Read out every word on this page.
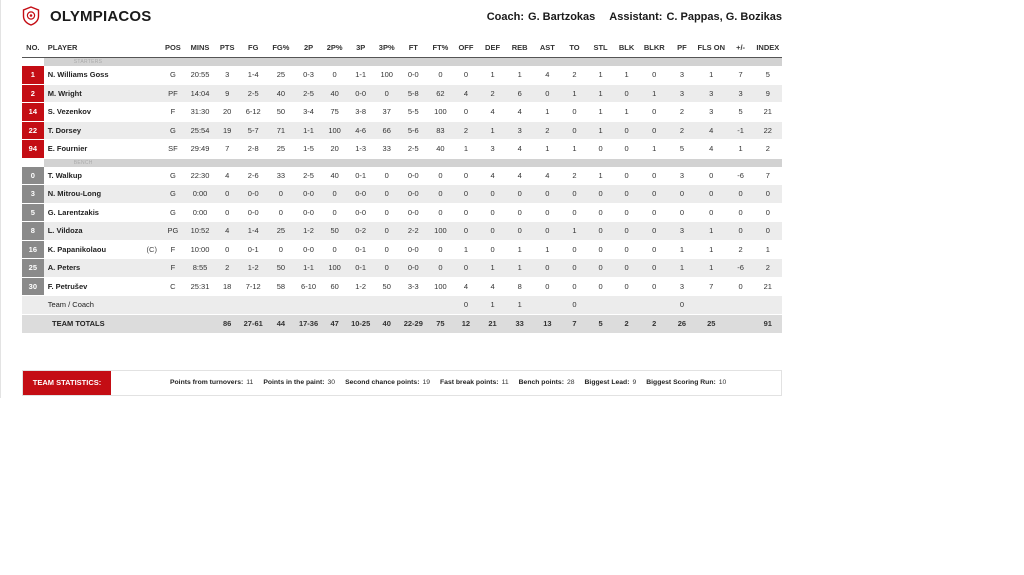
OLYMPIACOS	Coach: G. Bartzokas Assistant: C. Pappas, G. Bozikas
NO.	PLAYER	POS	MINS	PTS	FG	FG%	2P	2P%	3P	3P%	FT	FT%	OFF	DEF	REB	AST	TO	STL	BLK	BLKR	PF	FLS ON	+/-	INDEX
	STARTERS																							
1	N. Williams Goss	G	20:55	3	1-4	25	0-3	0	1-1	100	0-0	0	0	1	1	4	2	1	1	0	3	1	7	5
2	M. Wright	PF	14:04	9	2-5	40	2-5	40	0-0	0	5-8	62	4	2	6	0	1	1	0	1	3	3	3	9
14	S. Vezenkov	F	31:30	20	6-12	50	3-4	75	3-8	37	5-5	100	0	4	4	1	0	1	1	0	2	3	5	21
22	T. Dorsey	G	25:54	19	5-7	71	1-1	100	4-6	66	5-6	83	2	1	3	2	0	1	0	0	2	4	-1	22
94	E. Fournier	SF	29:49	7	2-8	25	1-5	20	1-3	33	2-5	40	1	3	4	1	1	0	0	1	5	4	1	2
	BENCH																							
0	T. Walkup	G	22:30	4	2-6	33	2-5	40	0-1	0	0-0	0	0	4	4	4	2	1	0	0	3	0	-6	7
3	N. Mitrou-Long	G	0:00	0	0-0	0	0-0	0	0-0	0	0-0	0	0	0	0	0	0	0	0	0	0	0	0	0
5	G. Larentzakis	G	0:00	0	0-0	0	0-0	0	0-0	0	0-0	0	0	0	0	0	0	0	0	0	0	0	0	0
8	L. Vildoza	PG	10:52	4	1-4	25	1-2	50	0-2	0	2-2	100	0	0	0	0	1	0	0	0	3	1	0	0
16	K. Papanikolaou (C)	F	10:00	0	0-1	0	0-0	0	0-1	0	0-0	0	1	0	1	1	0	0	0	0	1	1	2	1
25	A. Peters	F	8:55	2	1-2	50	1-1	100	0-1	0	0-0	0	0	1	1	0	0	0	0	0	1	1	-6	2
30	F. Petrušev	C	25:31	18	7-12	58	6-10	60	1-2	50	3-3	100	4	4	8	0	0	0	0	0	3	7	0	21
	Team / Coach												0	1	1		0				0			
TEAM TOTALS				86	27-61	44	17-36	47	10-25	40	22-29	75	12	21	33	13	7	5	2	2	26	25		91
TEAM STATISTICS:	Points from turnovers: 11 Points in the paint: 30 Second chance points: 19 Fast break points: 11 Bench points: 28 Biggest Lead: 9 Biggest Scoring Run: 10
